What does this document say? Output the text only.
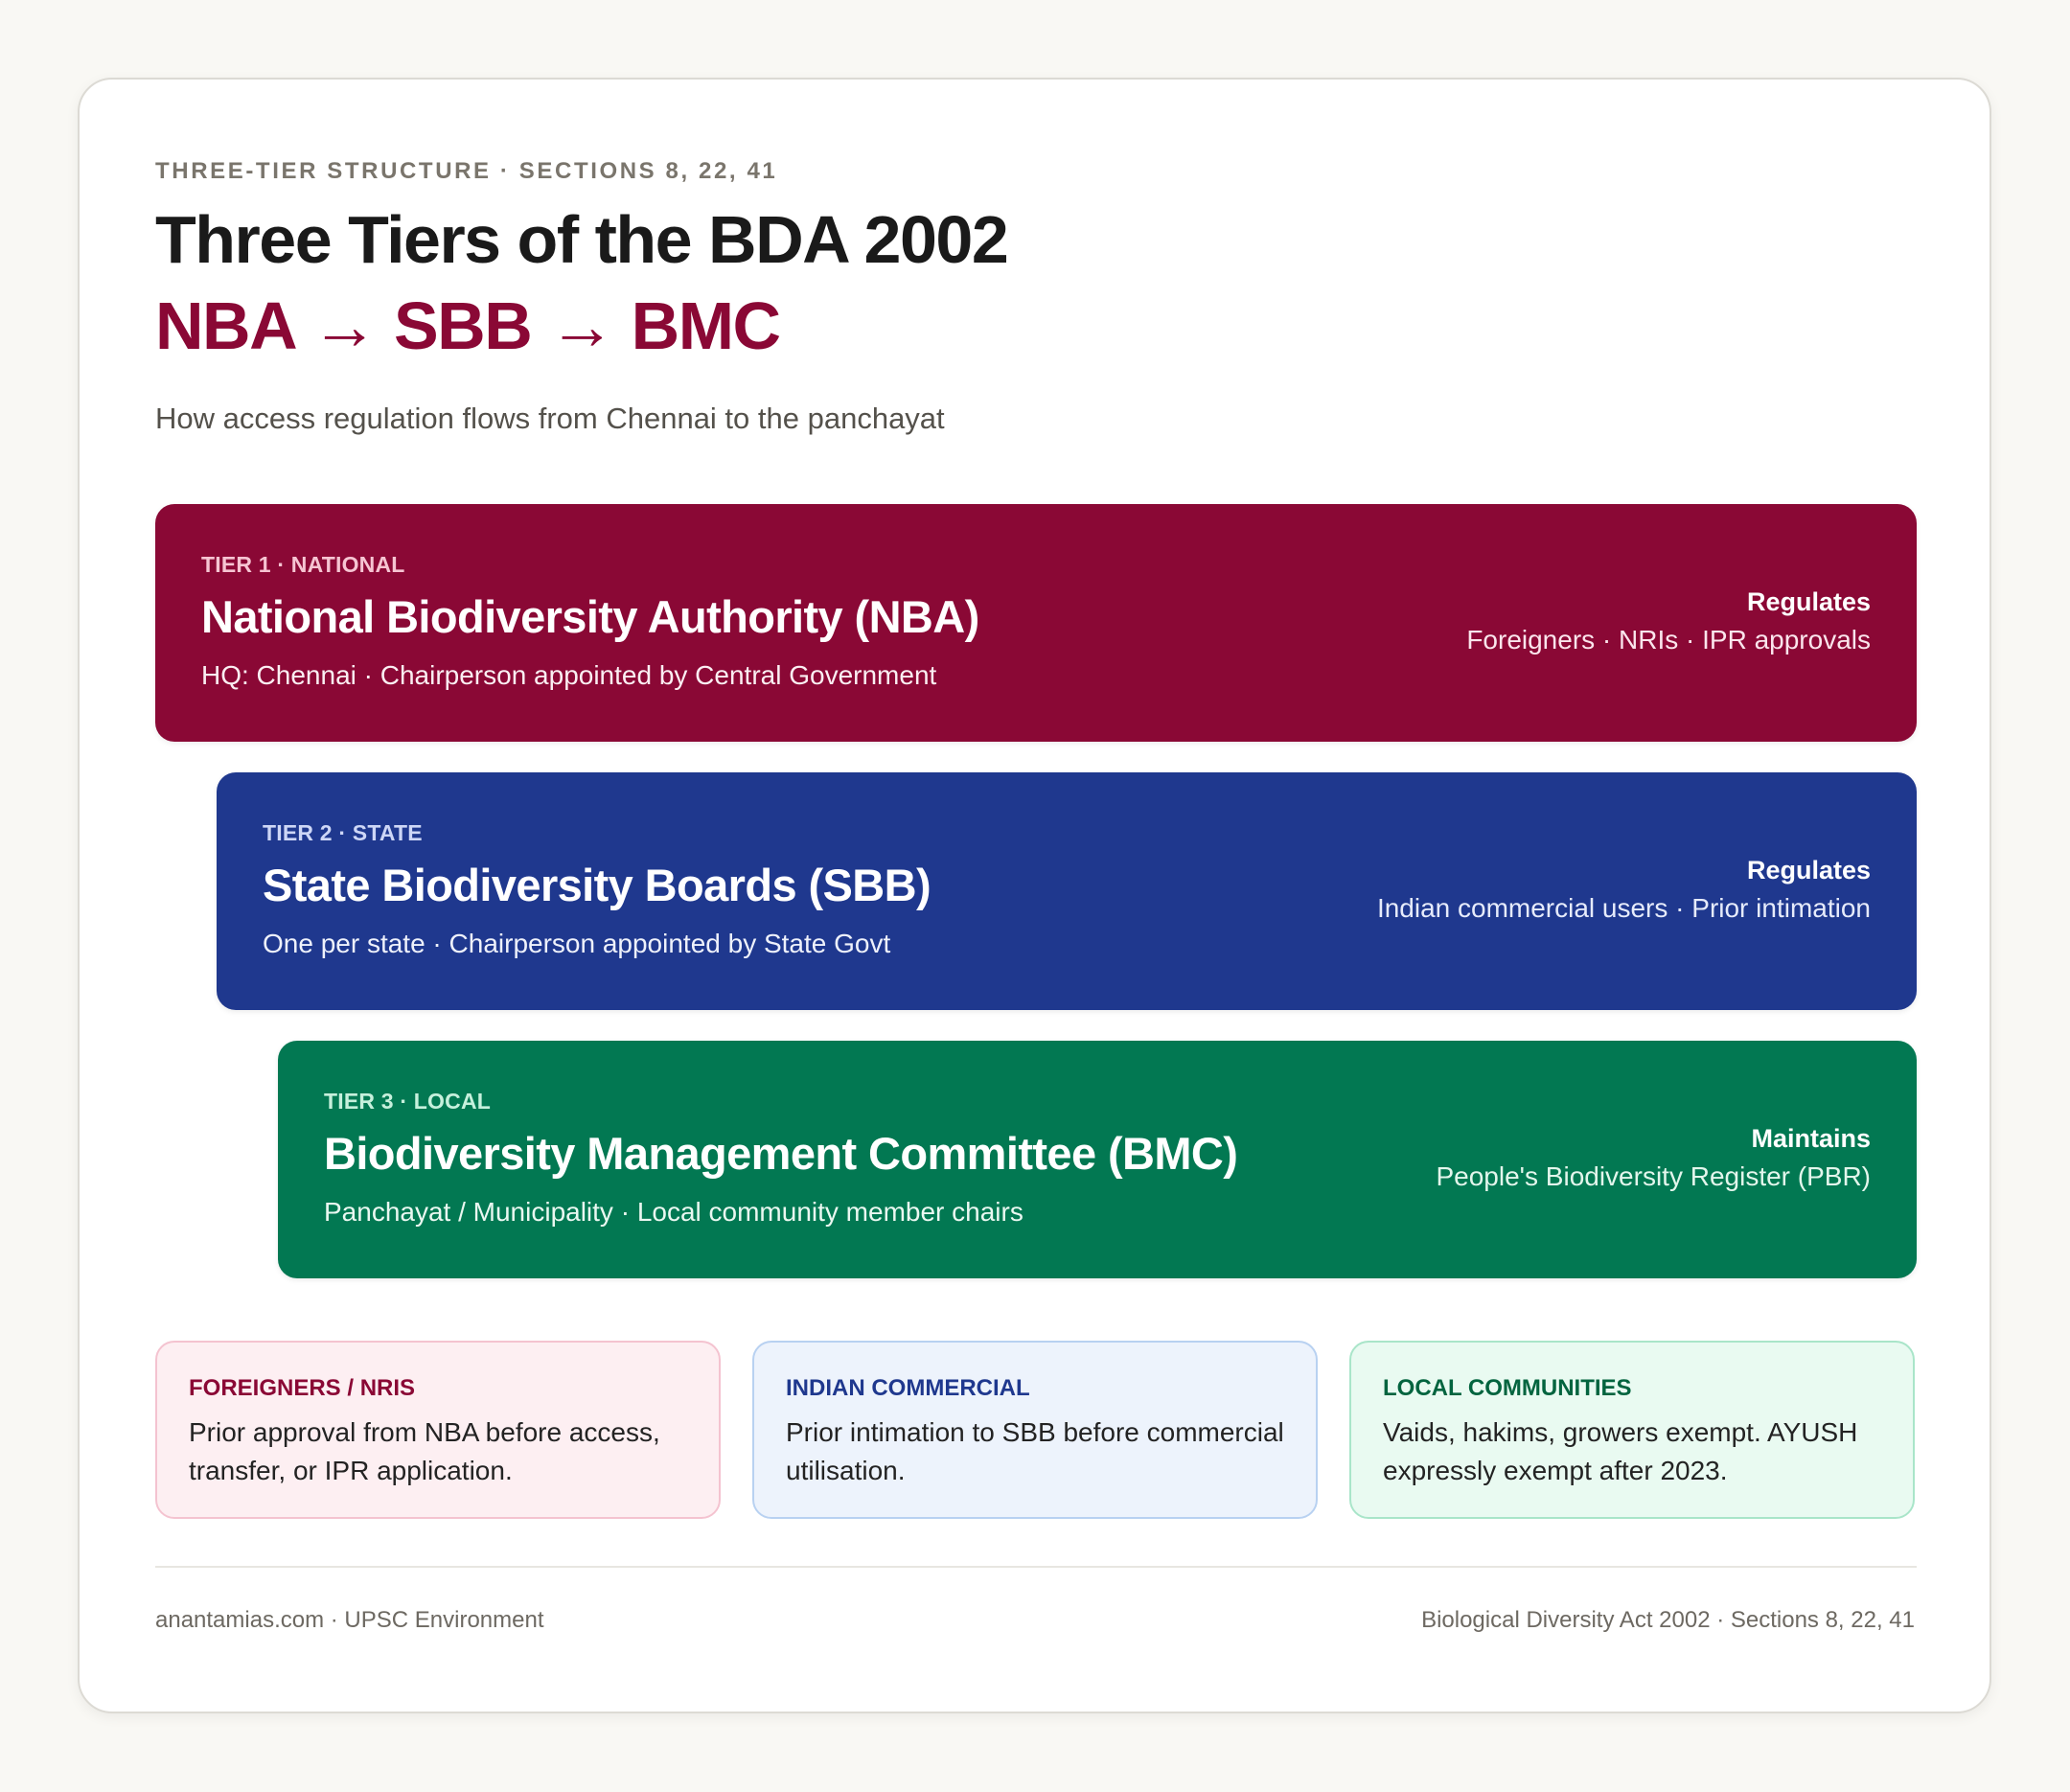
THREE-TIER STRUCTURE · SECTIONS 8, 22, 41
Three Tiers of the BDA 2002
NBA → SBB → BMC
How access regulation flows from Chennai to the panchayat
TIER 1 · NATIONAL
National Biodiversity Authority (NBA)
HQ: Chennai · Chairperson appointed by Central Government
Regulates
Foreigners · NRIs · IPR approvals
TIER 2 · STATE
State Biodiversity Boards (SBB)
One per state · Chairperson appointed by State Govt
Regulates
Indian commercial users · Prior intimation
TIER 3 · LOCAL
Biodiversity Management Committee (BMC)
Panchayat / Municipality · Local community member chairs
Maintains
People's Biodiversity Register (PBR)
FOREIGNERS / NRIS
Prior approval from NBA before access, transfer, or IPR application.
INDIAN COMMERCIAL
Prior intimation to SBB before commercial utilisation.
LOCAL COMMUNITIES
Vaids, hakims, growers exempt. AYUSH expressly exempt after 2023.
anantamias.com · UPSC Environment	Biological Diversity Act 2002 · Sections 8, 22, 41
